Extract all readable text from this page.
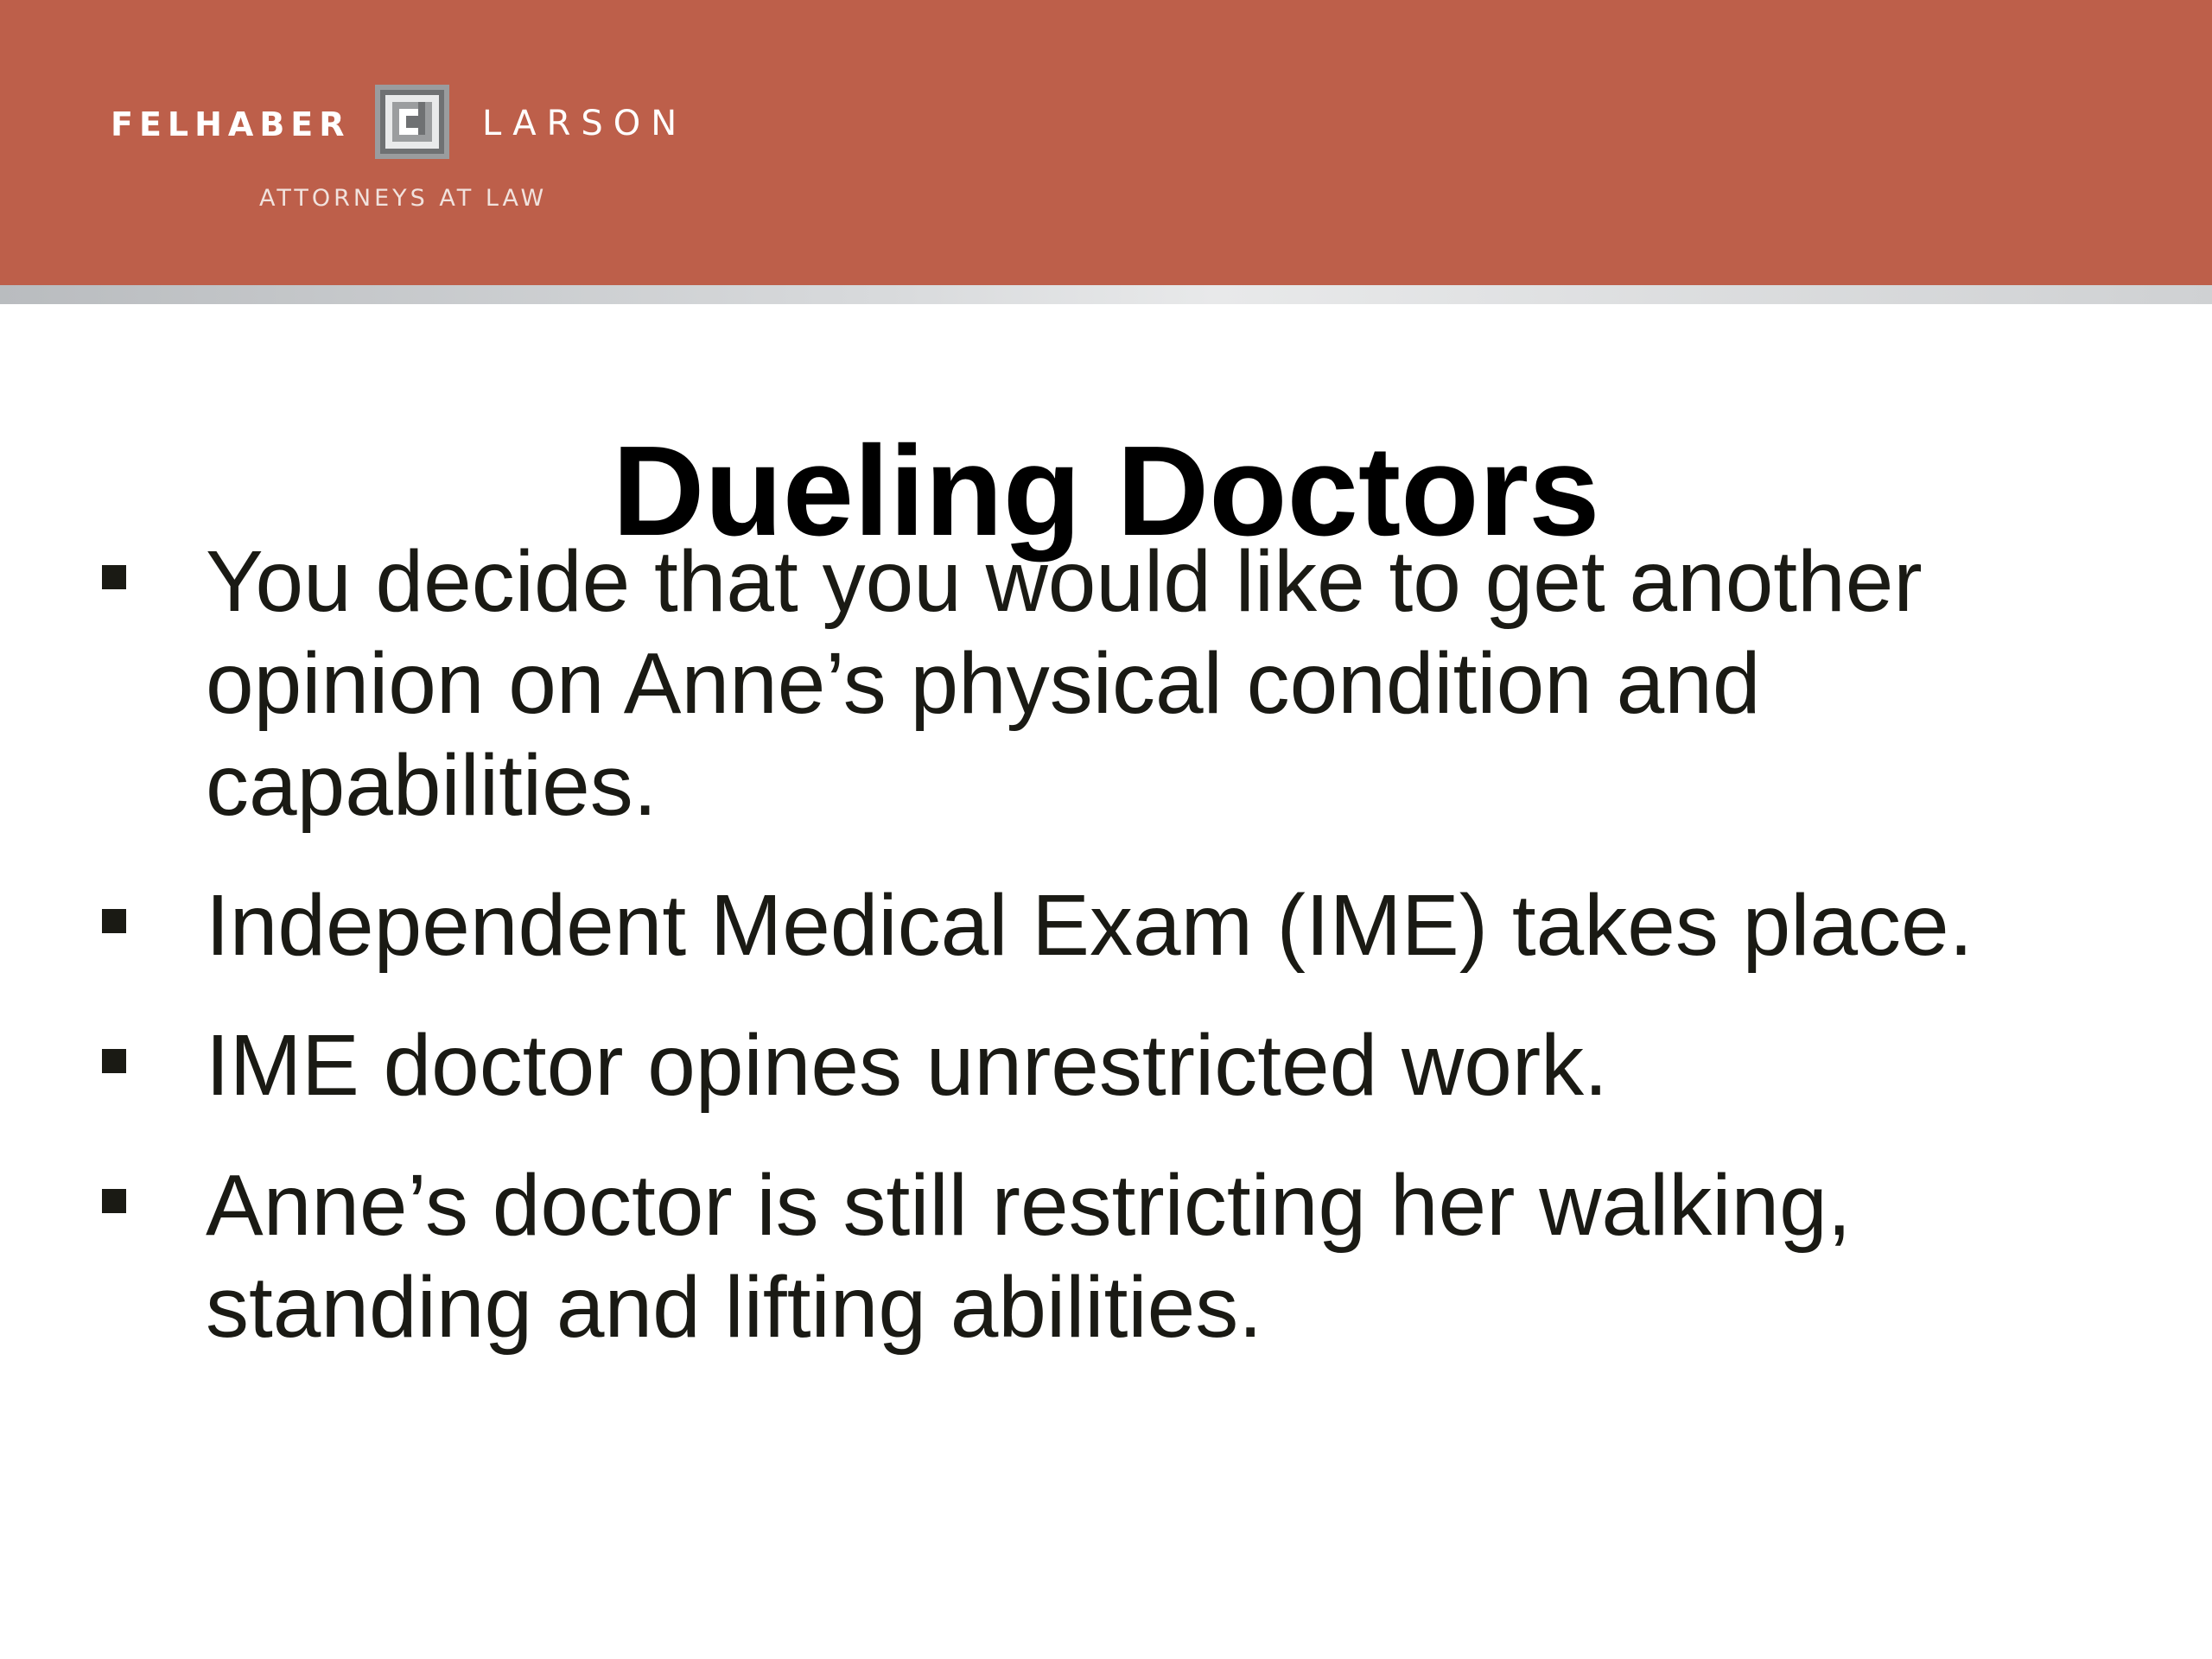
FELHABER	LARSON
ATTORNEYS AT LAW
Dueling Doctors
You decide that you would like to get another opinion on Anne’s physical condition and capabilities.
Independent Medical Exam (IME) takes place.
IME doctor opines unrestricted work.
Anne’s doctor is still restricting her walking, standing and lifting abilities.
